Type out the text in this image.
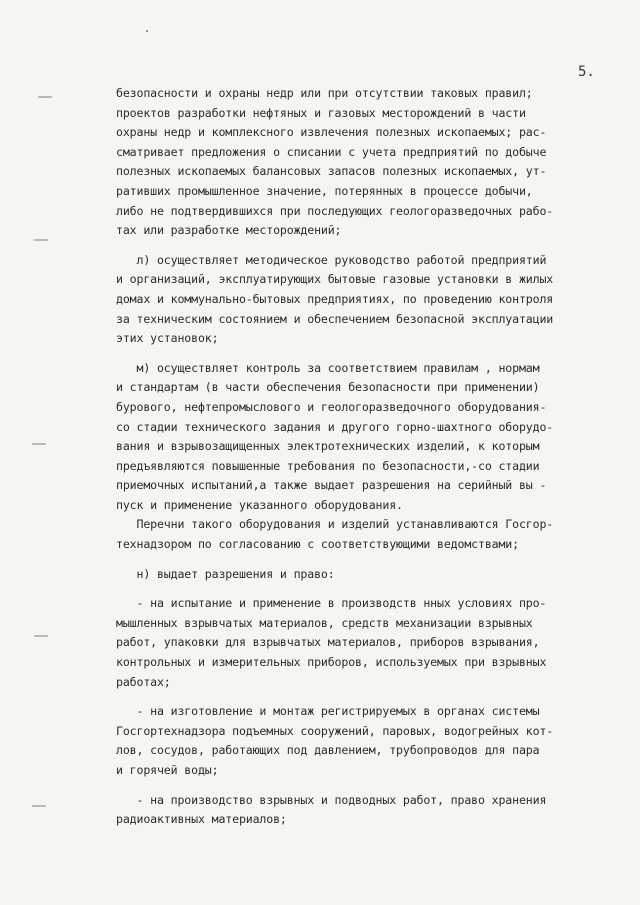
5.
безопасности и охраны недр или при отсутствии таковых правил;
проектов разработки нефтяных и газовых месторождений в части
охраны недр и комплексного извлечения полезных ископаемых; рас-
сматривает предложения о списании с учета предприятий по добыче
полезных ископаемых балансовых запасов полезных ископаемых, ут-
ративших промышленное значение, потерянных в процессе добычи,
либо не подтвердившихся при последующих геологоразведочных рабо-
тах или разработке месторождений;
л) осуществляет методическое руководство работой предприятий
и организаций, эксплуатирующих бытовые газовые установки в жилых
домах и коммунально-бытовых предприятиях, по проведению контроля
за техническим состоянием и обеспечением безопасной эксплуатации
этих установок;
м) осуществляет контроль за соответствием правилам , нормам
и стандартам (в части обеспечения безопасности при применении)
бурового, нефтепромыслового и геологоразведочного оборудования-
со стадии технического задания и другого горно-шахтного оборудо-
вания и взрывозащищенных электротехнических изделий, к которым
предъявляются повышенные требования по безопасности,-со стадии
приемочных испытаний,а также выдает разрешения на серийный вы -
пуск и применение указанного оборудования.
Перечни такого оборудования и изделий устанавливаются Госгор-
технадзором по согласованию с соответствующими ведомствами;
н) выдает разрешения и право:
- на испытание и применение в производств нных условиях про-
мышленных взрывчатых материалов, средств механизации взрывных
работ, упаковки для взрывчатых материалов, приборов взрывания,
контрольных и измерительных приборов, используемых при взрывных
работах;
- на изготовление и монтаж регистрируемых в органах системы
Госгортехнадзора подъемных сооружений, паровых, водогрейных кот-
лов, сосудов, работающих под давлением, трубопроводов для пара
и горячей воды;
- на производство взрывных и подводных работ, право хранения
радиоактивных материалов;
